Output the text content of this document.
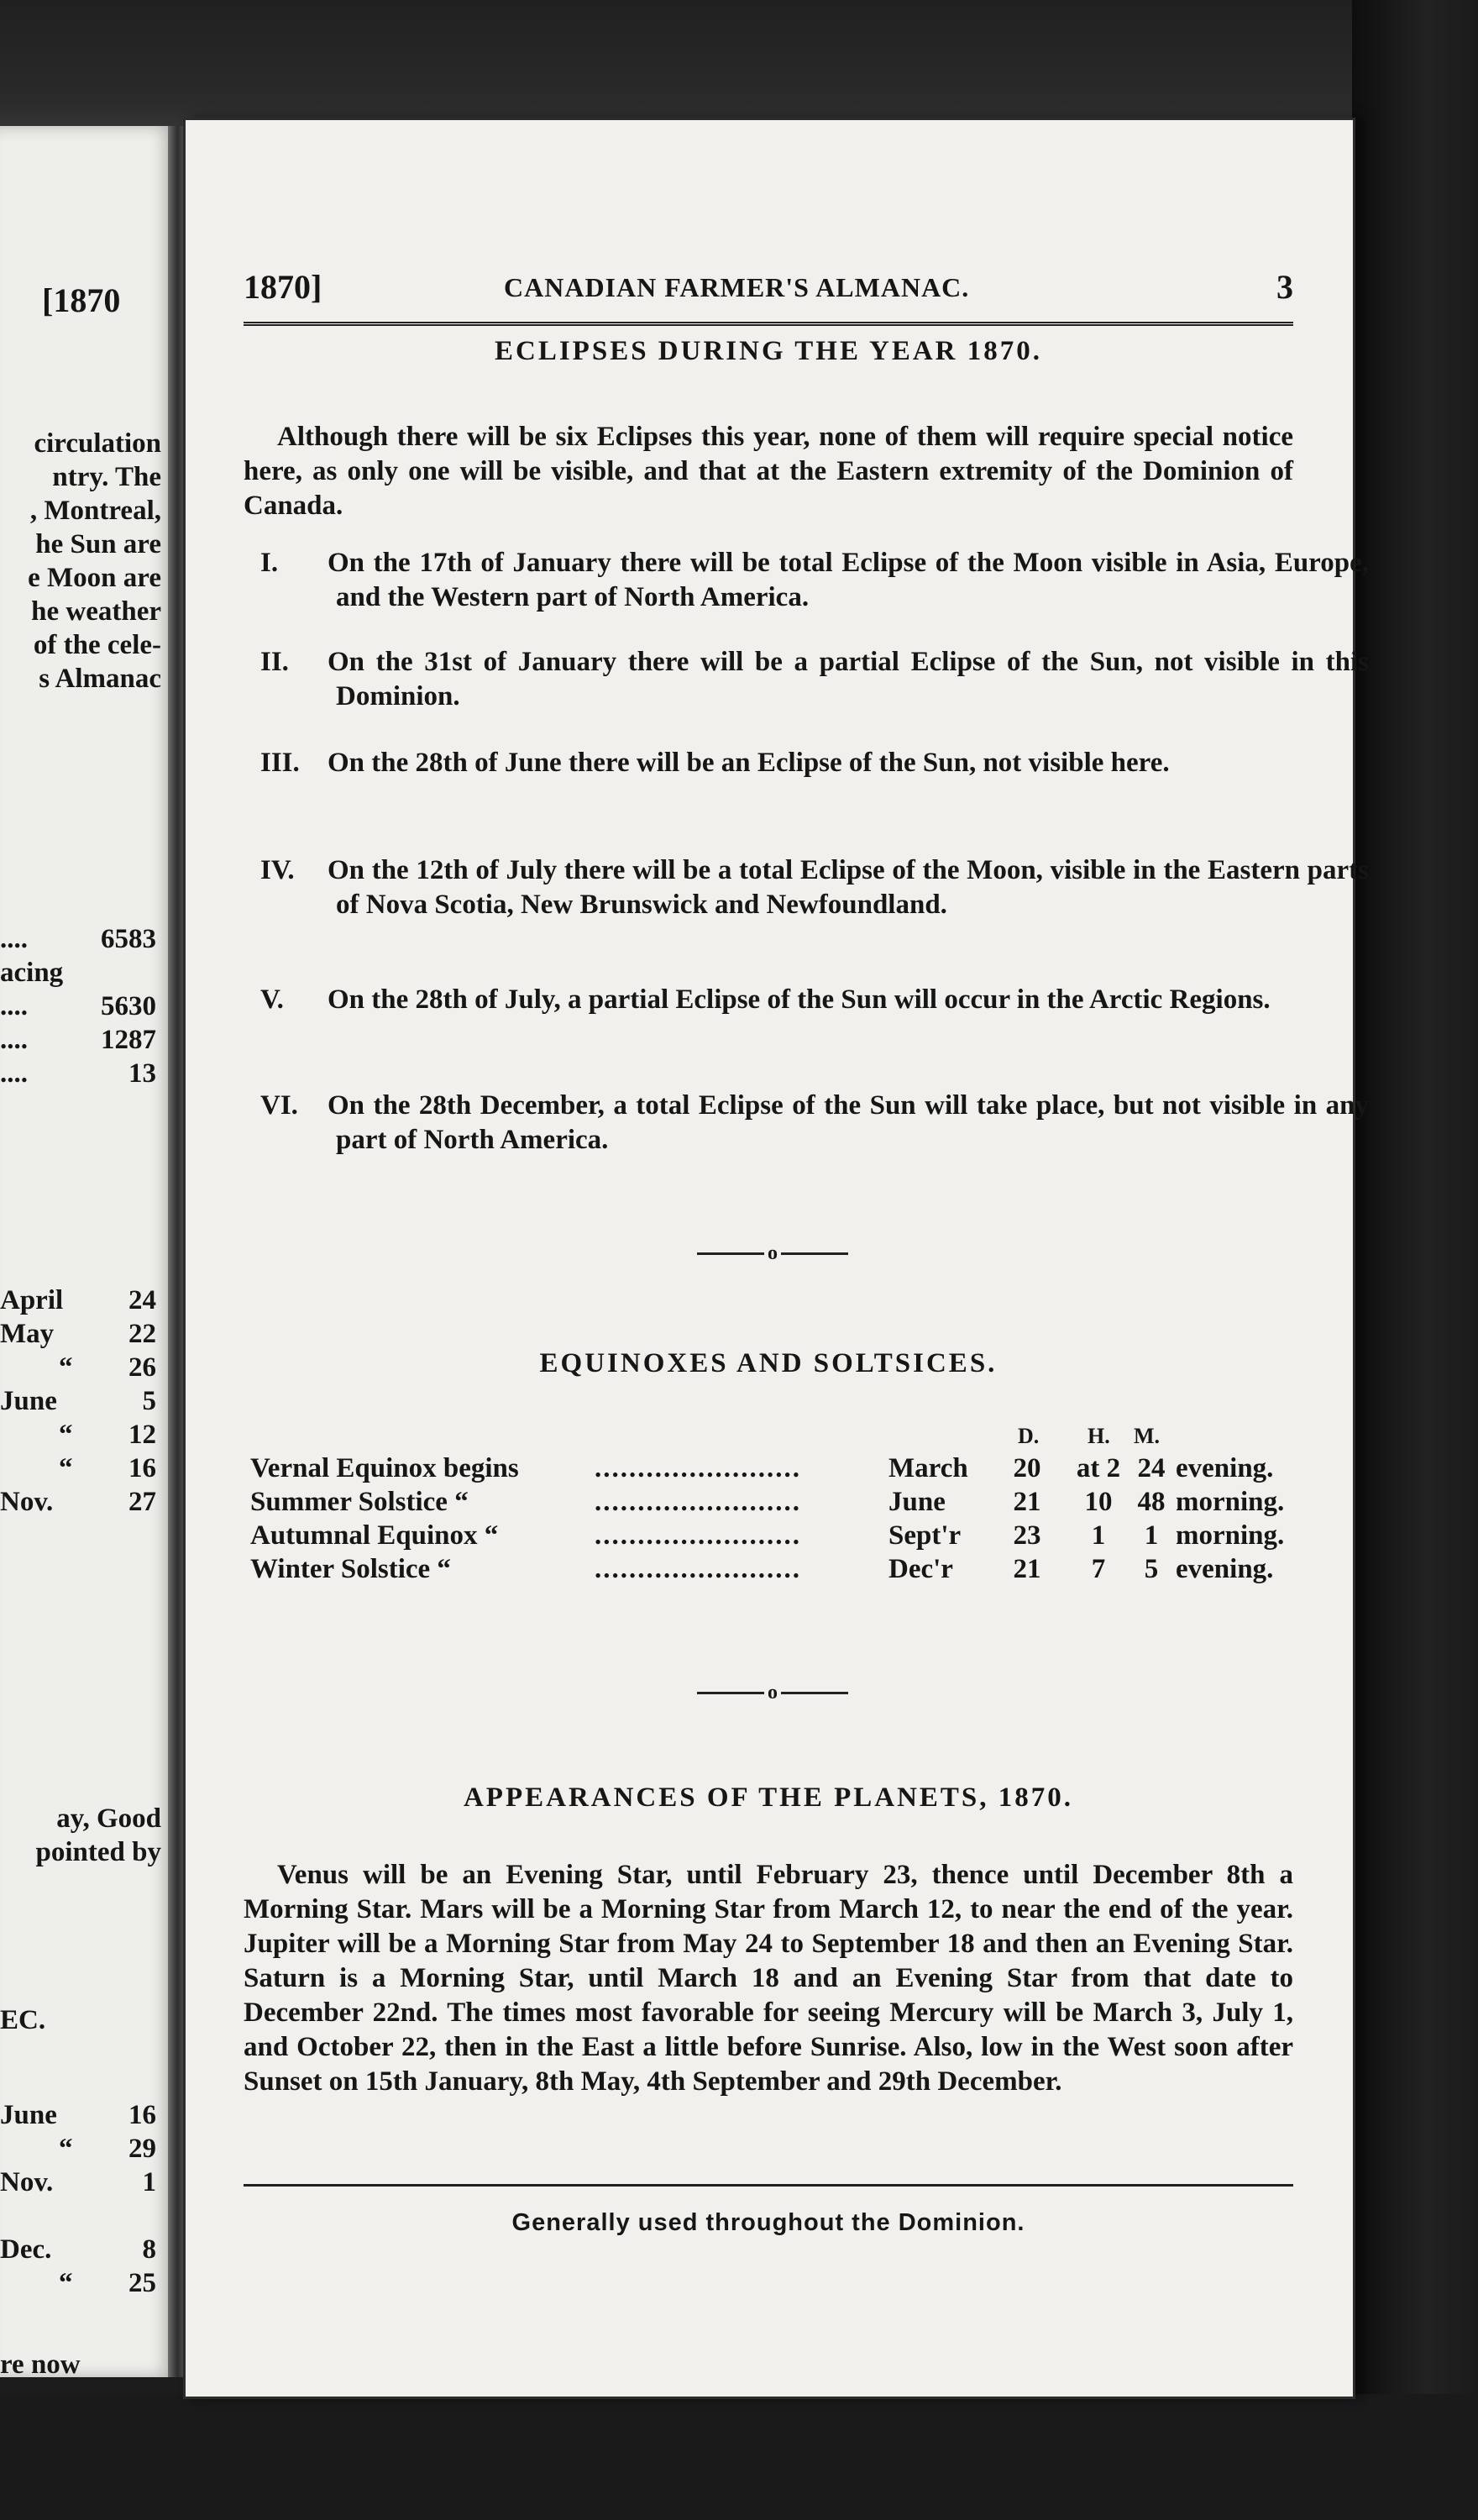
[1870
circulation
ntry. The
, Montreal,
he Sun are
e Moon are
he weather
of the cele-
s Almanac
....	6583
acing
....	5630
....	1287
....	13
April 24
May	22
“ 26
June	5
“ 12
“ 16
Nov.	27
ay, Good
pointed by
EC.
June	16
“ 29
Nov.	1
Dec.	8
“ 25
re now
1870]	CANADIAN FARMER'S ALMANAC.	3
ECLIPSES DURING THE YEAR 1870.
Although there will be six Eclipses this year, none of them will require special notice here, as only one will be visible, and that at the Eastern extremity of the Dominion of Canada.
I. On the 17th of January there will be total Eclipse of the Moon visible in Asia, Europe, and the Western part of North America.
II. On the 31st of January there will be a partial Eclipse of the Sun, not visible in this Dominion.
III. On the 28th of June there will be an Eclipse of the Sun, not visible here.
IV. On the 12th of July there will be a total Eclipse of the Moon, visible in the Eastern parts of Nova Scotia, New Brunswick and Newfoundland.
V. On the 28th of July, a partial Eclipse of the Sun will occur in the Arctic Regions.
VI. On the 28th December, a total Eclipse of the Sun will take place, but not visible in any part of North America.
o
EQUINOXES AND SOLTSICES.
D. H. M.
Vernal Equinox begins	........................	March 20 at 2 24 evening.
Summer Solstice “	........................	June 21	10 48 morning.
Autumnal Equinox “	........................	Sept'r 23	1	1 morning.
Winter Solstice “	........................	Dec'r 21	7	5 evening.
o
APPEARANCES OF THE PLANETS, 1870.
Venus will be an Evening Star, until February 23, thence until December 8th a Morning Star. Mars will be a Morning Star from March 12, to near the end of the year. Jupiter will be a Morning Star from May 24 to September 18 and then an Evening Star. Saturn is a Morning Star, until March 18 and an Evening Star from that date to December 22nd. The times most favorable for seeing Mercury will be March 3, July 1, and October 22, then in the East a little before Sunrise. Also, low in the West soon after Sunset on 15th January, 8th May, 4th September and 29th December.
Generally used throughout the Dominion.
